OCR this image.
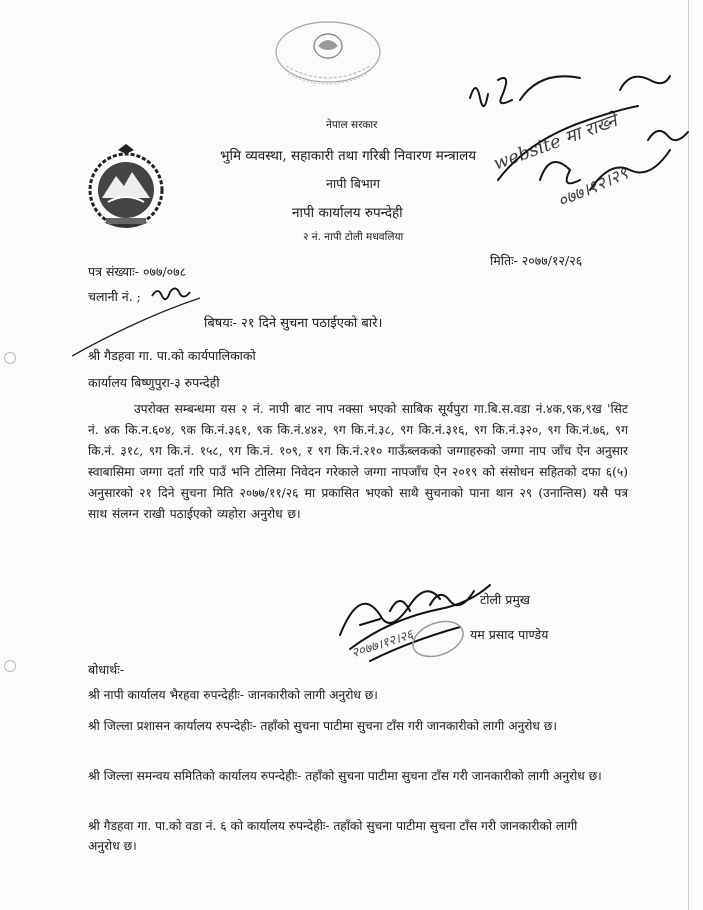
नेपाल सरकार
भुमि व्यवस्था, सहाकारी तथा गरिबी निवारण मन्त्रालय
नापी बिभाग
नापी कार्यालय रुपन्देही
२ नं. नापी टोली मधवलिया
website मा राख्ने
०७७।१२।२९
मितिः- २०७७/१२/२६
पत्र संख्याः- ०७७/०७८
चलानी नं. ;
बिषयः- २१ दिने सुचना पठाईएको बारे।
श्री गैडहवा गा. पा.को कार्यपालिकाको
कार्यालय बिष्णुपुरा-३ रुपन्देही
उपरोक्त सम्बन्धमा यस २ नं. नापी बाट नाप नक्सा भएको साबिक सूर्यपुरा गा.बि.स.वडा नं.४क,९क,९ख 'सिट नं. ४क कि.न.६०४, ९क कि.नं.३६१, ९क कि.नं.४४२, ९ग कि.नं.३८, ९ग कि.नं.३१६, ९ग कि.नं.३२०, ९ग कि.नं.७६, ९ग कि.नं. ३१८, ९ग कि.नं. १५८, ९ग कि.नं. १०९, र ९ग कि.नं.२१० गाऊँब्लकको जग्गाहरुको जग्गा नाप जाँच ऐन अनुसार स्वाबासिमा जग्गा दर्ता गरि पाउँ भनि टोलिमा निवेदन गरेकाले जग्गा नापजाँच ऐन २०१९ को संसोधन सहितको दफा ६(५) अनुसारको २१ दिने सुचना मिति २०७७/११/२६ मा प्रकासित भएको साथै सुचनाको पाना थान २९ (उनान्तिस) यसै पत्र साथ संलग्न राखी पठाईएको व्यहोरा अनुरोध छ।
२०७७।१२।२६
टोली प्रमुख
यम प्रसाद पाण्डेय
बोधार्थः-
श्री नापी कार्यालय भैरहवा रुपन्देहीः- जानकारीको लागी अनुरोध छ।
श्री जिल्ला प्रशासन कार्यालय रुपन्देहीः- तहाँको सुचना पाटीमा सुचना टाँस गरी जानकारीको लागी अनुरोध छ।
श्री जिल्ला समन्वय समितिको कार्यालय रुपन्देहीः- तहाँको सुचना पाटीमा सुचना टाँस गरी जानकारीको लागी अनुरोध छ।
श्री गैडहवा गा. पा.को वडा नं. ६ को कार्यालय रुपन्देहीः- तहाँको सुचना पाटीमा सुचना टाँस गरी जानकारीको लागी अनुरोध छ।
